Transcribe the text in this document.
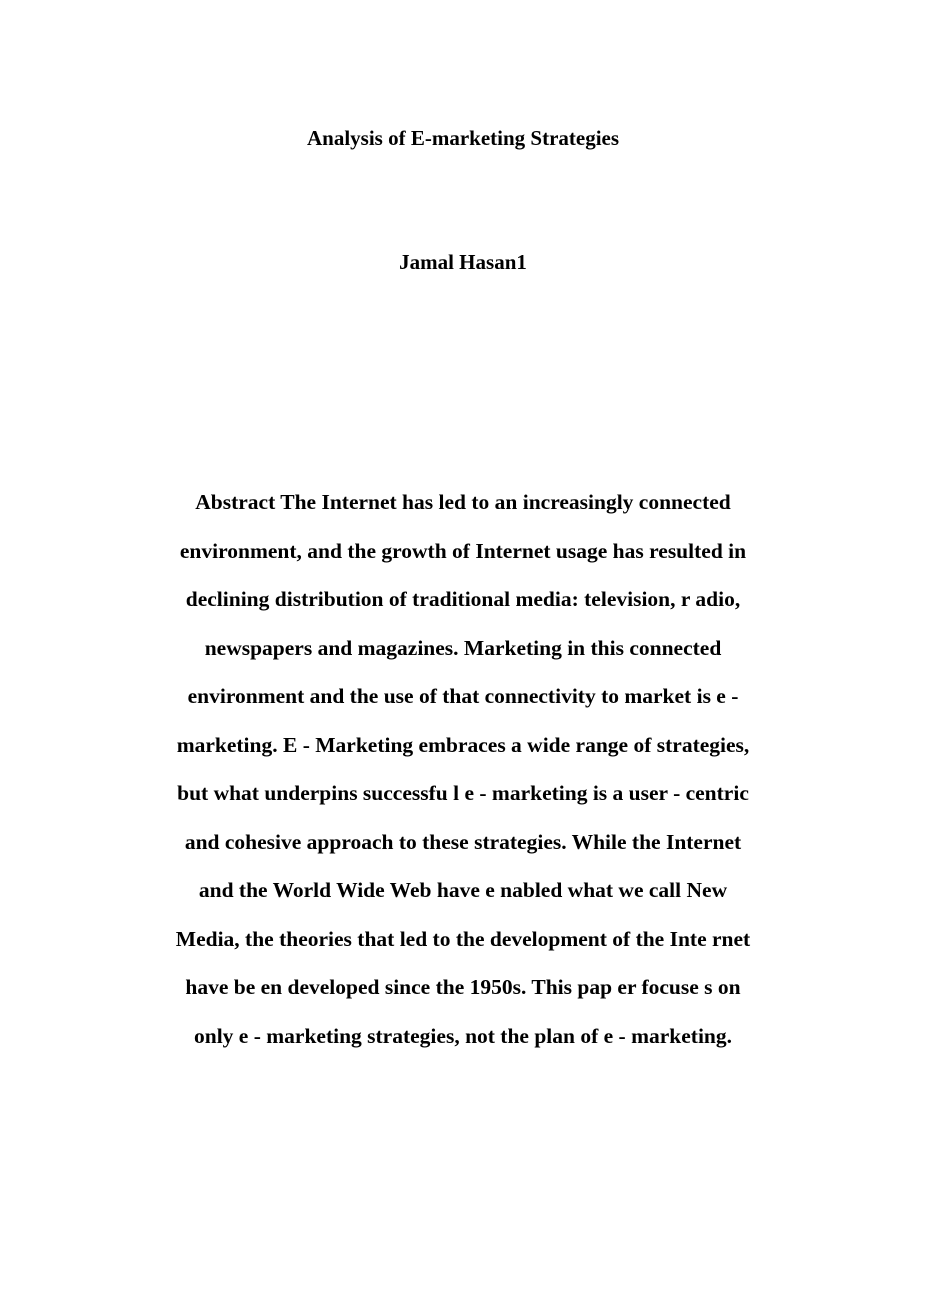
Analysis of E-marketing Strategies
Jamal Hasan1
Abstract The Internet has led to an increasingly connected
environment, and the growth of Internet usage has resulted in
declining distribution of traditional media: television, r adio,
newspapers and magazines. Marketing in this connected
environment and the use of that connectivity to market is e -
marketing. E - Marketing embraces a wide range of strategies,
but what underpins successfu l e - marketing is a user - centric
and cohesive approach to these strategies. While the Internet
and the World Wide Web have e nabled what we call New
Media, the theories that led to the development of the Inte rnet
have be en developed since the 1950s. This pap er focuse s on
only e - marketing strategies, not the plan of e - marketing.
